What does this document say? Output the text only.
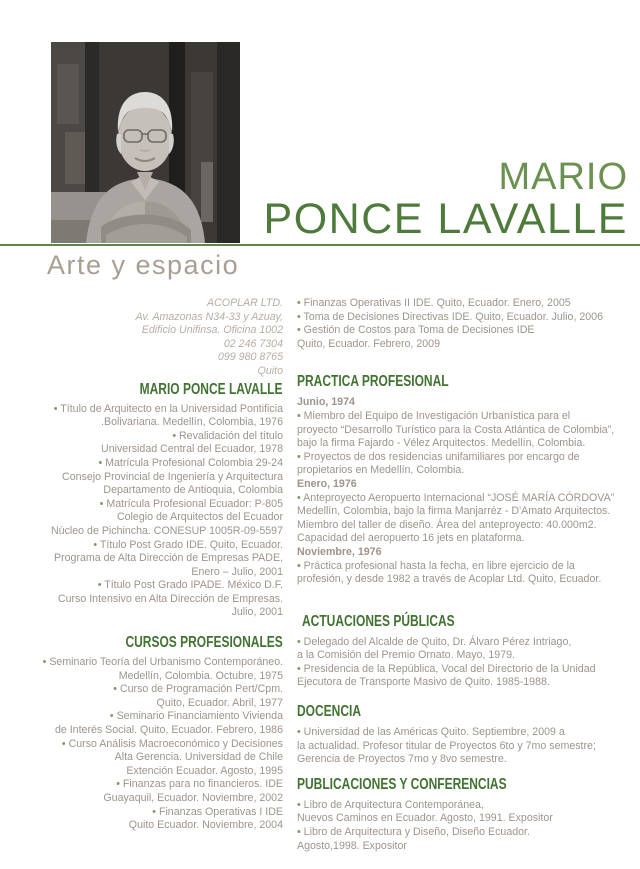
MARIO
PONCE LAVALLE
Arte y espacio
ACOPLAR LTD.
Av. Amazonas N34-33 y Azuay,
Edificio Unifinsa. Oficina 1002
02 246 7304
099 980 8765
Quito
MARIO PONCE LAVALLE
• Título de Arquitecto en la Universidad Pontificia
.Bolivariana. Medellín, Colombia, 1976
• Revalidación del título
Universidad Central del Ecuador, 1978
• Matrícula Profesional Colombia 29-24
Consejo Provincial de Ingeniería y Arquitectura
Departamento de Antioquia, Colombia
• Matrícula Profesional Ecuador: P-805
Colegio de Arquitectos del Ecuador
Núcleo de Pichincha. CONESUP 1005R-09-5597
• Título Post Grado IDE. Quito, Ecuador.
Programa de Alta Dirección de Empresas PADE,
Enero – Julio, 2001
• Título Post Grado IPADE. México D.F.
Curso Intensivo en Alta Dirección de Empresas.
Julio, 2001
CURSOS PROFESIONALES
• Seminario Teoría del Urbanismo Contemporáneo.
Medellín, Colombia. Octubre, 1975
• Curso de Programación Pert/Cpm.
Quito, Ecuador. Abril, 1977
• Seminario Financiamiento Vivienda
de Interés Social. Quito, Ecuador. Febrero, 1986
• Curso Análisis Macroeconómico y Decisiones
Alta Gerencia. Universidad de Chile
Extención Ecuador. Agosto, 1995
• Finanzas para no financieros. IDE
Guayaquil, Ecuador. Noviembre, 2002
• Finanzas Operativas I IDE
Quito Ecuador. Noviembre, 2004
• Finanzas Operativas II IDE. Quito, Ecuador. Enero, 2005
• Toma de Decisiones Directivas IDE. Quito, Ecuador. Julio, 2006
• Gestión de Costos para Toma de Decisiones IDE
Quito, Ecuador. Febrero, 2009
PRACTICA PROFESIONAL
Junio, 1974
• Miembro del Equipo de Investigación Urbanística para el
proyecto “Desarrollo Turístico para la Costa Atlántica de Colombia”,
bajo la firma Fajardo - Vélez Arquitectos. Medellín, Colombia.
• Proyectos de dos residencias unifamiliares por encargo de
propietarios en Medellín, Colombia.
Enero, 1976
• Anteproyecto Aeropuerto Internacional “JOSÉ MARÍA CÓRDOVA”
Medellín, Colombia, bajo la firma Manjarréz - D'Amato Arquitectos.
Miembro del taller de diseño. Área del anteproyecto: 40.000m2.
Capacidad del aeropuerto 16 jets en plataforma.
Noviembre, 1976
• Práctica profesional hasta la fecha, en libre ejercicio de la
profesión, y desde 1982 a través de Acoplar Ltd. Quito, Ecuador.
ACTUACIONES PÚBLICAS
• Delegado del Alcalde de Quito, Dr. Álvaro Pérez Intriago,
a la Comisión del Premio Ornato. Mayo, 1979.
• Presidencia de la República, Vocal del Directorio de la Unidad
Ejecutora de Transporte Masivo de Quito. 1985-1988.
DOCENCIA
• Universidad de las Américas Quito. Septiembre, 2009 a
la actualidad. Profesor titular de Proyectos 6to y 7mo semestre;
Gerencia de Proyectos 7mo y 8vo semestre.
PUBLICACIONES Y CONFERENCIAS
• Libro de Arquitectura Contemporánea,
Nuevos Caminos en Ecuador. Agosto, 1991. Expositor
• Libro de Arquitectura y Diseño, Diseño Ecuador.
Agosto,1998. Expositor
